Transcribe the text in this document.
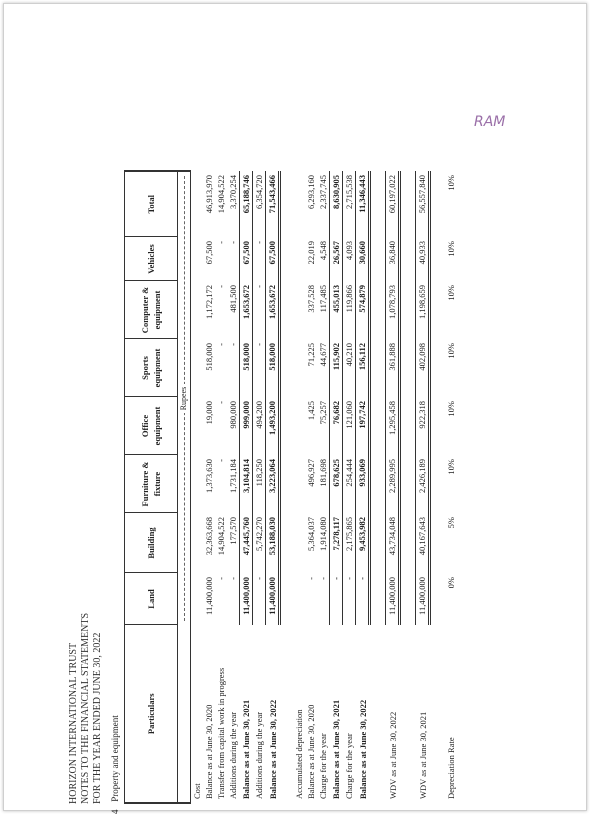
HORIZON INTERNATIONAL TRUST NOTES TO THE FINANCIAL STATEMENTS FOR THE YEAR ENDED JUNE 30, 2022
4 Property and equipment
Particulars	Land	Building	Furniture & fixture	Office equipment	Sports equipment	Computer & equipment	Vehicles	Total

Rupees							
Cost								
Balance as at June 30, 2020	11,400,000	32,363,668	1,373,630	19,000	518,000	1,172,172	67,500	46,913,970
Transfer from capital work in progress	-	14,904,522	-	-	-	-	-	14,904,522
Additions during the year	-	177,570	1,731,184	980,000	-	481,500	-	3,370,254
Balance as at June 30, 2021	11,400,000	47,445,760	3,104,814	999,000	518,000	1,653,672	67,500	65,188,746
Additions during the year	-	5,742,270	118,250	494,200	-	-	-	6,354,720
Balance as at June 30, 2022	11,400,000	53,188,030	3,223,064	1,493,200	518,000	1,653,672	67,500	71,543,466

Accumulated depreciation								
Balance as at June 30, 2020	-	5,364,037	496,927	1,425	71,225	337,528	22,019	6,293,160
Charge for the year	-	1,914,080	181,698	75,257	44,677	117,485	4,548	2,337,745
Balance as at June 30, 2021	-	7,278,117	678,625	76,682	115,902	455,013	26,567	8,630,905
Charge for the year	-	2,175,865	254,444	121,060	40,210	119,866	4,093	2,715,538
Balance as at June 30, 2022	-	9,453,982	933,069	197,742	156,112	574,879	30,660	11,346,443

WDV as at June 30, 2022	11,400,000	43,734,048	2,289,995	1,295,458	361,888	1,078,793	36,840	60,197,022

WDV as at June 30, 2021	11,400,000	40,167,643	2,426,189	922,318	402,098	1,198,659	40,933	56,557,840

Depreciation Rate	0%	5%	10%	10%	10%	10%	10%	10%
RAM
